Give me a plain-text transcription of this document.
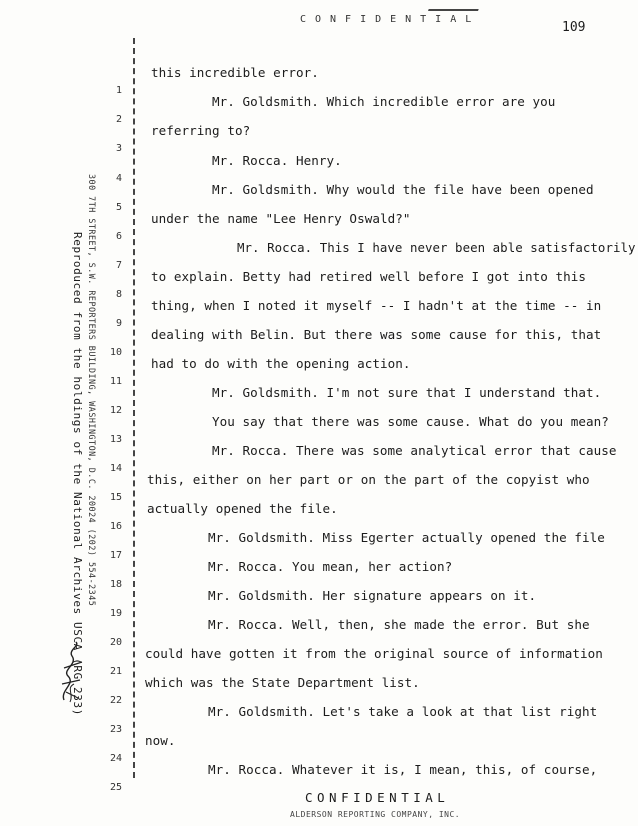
CONFIDENTIAL
109
1
2
3
4
5
6
7
8
9
10
11
12
13
14
15
16
17
18
19
20
21
22
23
24
25
this incredible error.
Mr. Goldsmith. Which incredible error are you
referring to?
Mr. Rocca. Henry.
Mr. Goldsmith. Why would the file have been opened
under the name "Lee Henry Oswald?"
Mr. Rocca. This I have never been able satisfactorily
to explain. Betty had retired well before I got into this
thing, when I noted it myself -- I hadn't at the time -- in
dealing with Belin. But there was some cause for this, that
had to do with the opening action.
Mr. Goldsmith. I'm not sure that I understand that.
You say that there was some cause. What do you mean?
Mr. Rocca. There was some analytical error that cause
this, either on her part or on the part of the copyist who
actually opened the file.
Mr. Goldsmith. Miss Egerter actually opened the file
Mr. Rocca. You mean, her action?
Mr. Goldsmith. Her signature appears on it.
Mr. Rocca. Well, then, she made the error. But she
could have gotten it from the original source of information
which was the State Department list.
Mr. Goldsmith. Let's take a look at that list right
now.
Mr. Rocca. Whatever it is, I mean, this, of course,
Reproduced from the holdings of the National Archives USCA (RG 233) 300 7TH STREET, S.W. REPORTERS BUILDING, WASHINGTON, D.C. 20024 (202) 554-2345
CONFIDENTIAL
ALDERSON REPORTING COMPANY, INC.
